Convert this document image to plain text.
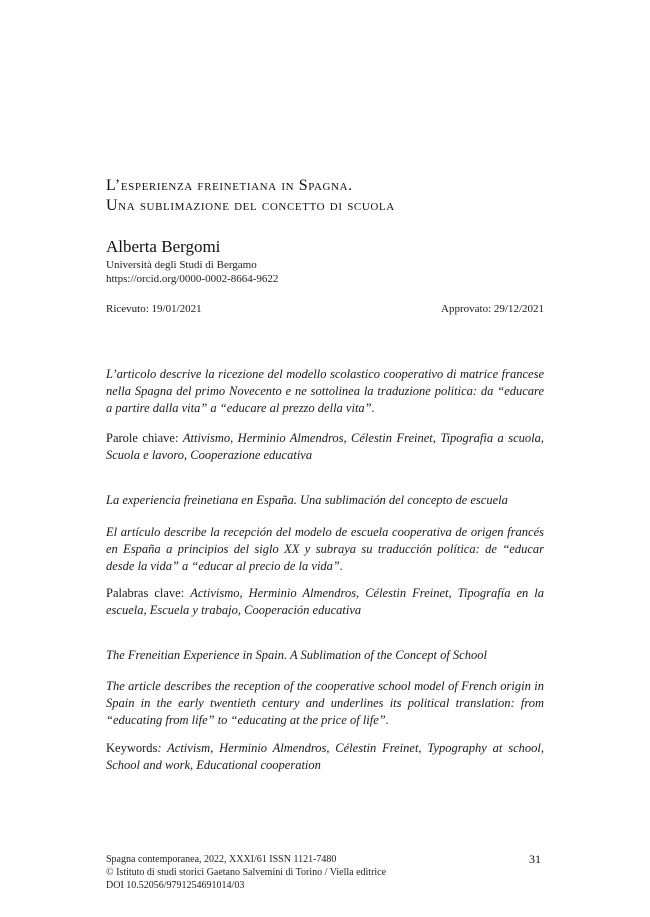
L’esperienza freinetiana in Spagna.
Una sublimazione del concetto di scuola
Alberta Bergomi
Università degli Studi di Bergamo
https://orcid.org/0000-0002-8664-9622
Ricevuto: 19/01/2021	Approvato: 29/12/2021
L’articolo descrive la ricezione del modello scolastico cooperativo di matrice francese nella Spagna del primo Novecento e ne sottolinea la traduzione politica: da “educare a partire dalla vita” a “educare al prezzo della vita”.
Parole chiave: Attivismo, Herminio Almendros, Célestin Freinet, Tipografia a scuola, Scuola e lavoro, Cooperazione educativa
La experiencia freinetiana en España. Una sublimación del concepto de escuela
El artículo describe la recepción del modelo de escuela cooperativa de origen francés en España a principios del siglo XX y subraya su traducción política: de “educar desde la vida” a “educar al precio de la vida”.
Palabras clave: Activismo, Herminio Almendros, Célestin Freinet, Tipografía en la escuela, Escuela y trabajo, Cooperación educativa
The Freneitian Experience in Spain. A Sublimation of the Concept of School
The article describes the reception of the cooperative school model of French origin in Spain in the early twentieth century and underlines its political translation: from “educating from life” to “educating at the price of life”.
Keywords: Activism, Herminio Almendros, Célestin Freinet, Typography at school, School and work, Educational cooperation
Spagna contemporanea, 2022, XXXI/61 ISSN 1121-7480
© Istituto di studi storici Gaetano Salvemini di Torino / Viella editrice
DOI 10.52056/9791254691014/03
31
